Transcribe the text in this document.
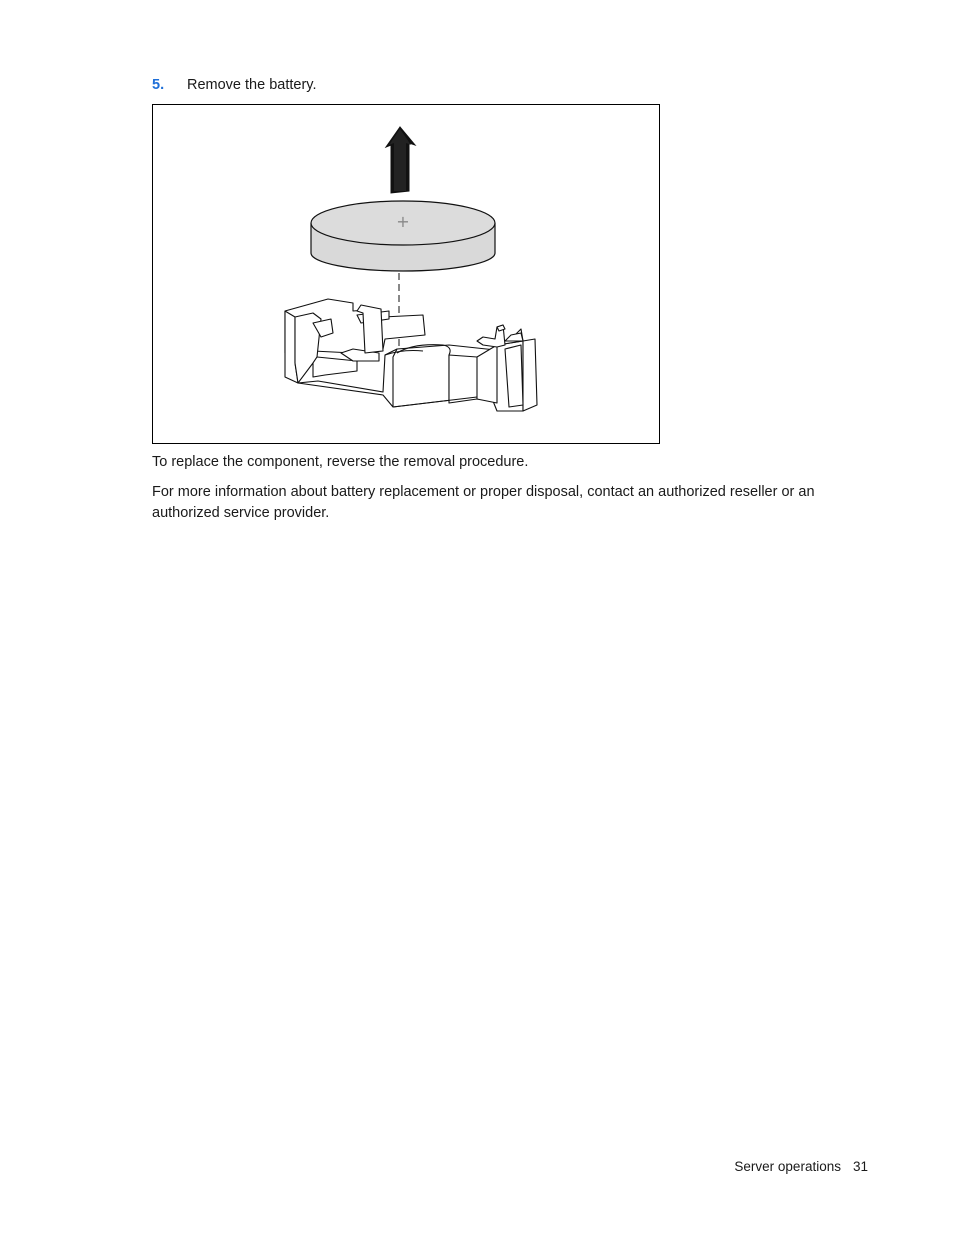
5. Remove the battery.
+

To replace the component, reverse the removal procedure.

For more information about battery replacement or proper disposal, contact an authorized reseller or an authorized service provider.

Server operations 31
